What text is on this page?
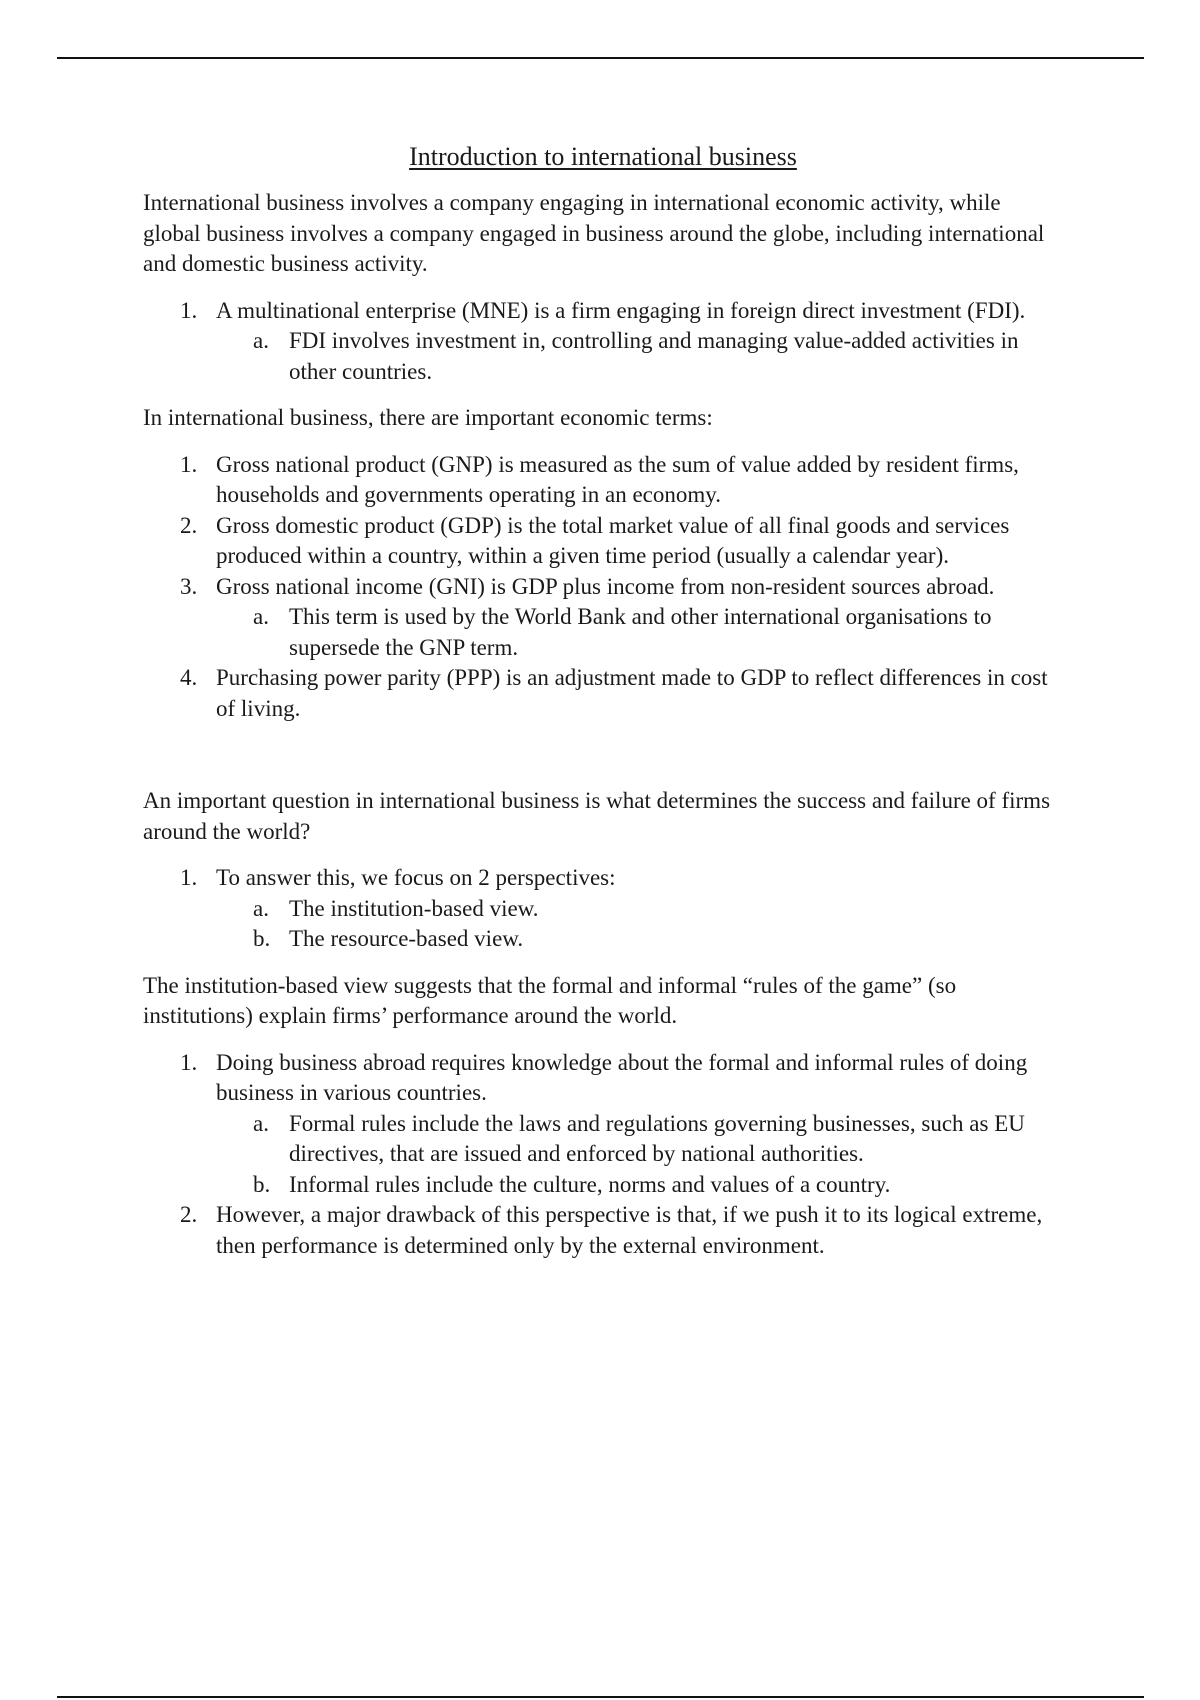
Introduction to international business

International business involves a company engaging in international economic activity, while global business involves a company engaged in business around the globe, including international and domestic business activity.

1. A multinational enterprise (MNE) is a firm engaging in foreign direct investment (FDI).
a. FDI involves investment in, controlling and managing value-added activities in other countries.

In international business, there are important economic terms:

1. Gross national product (GNP) is measured as the sum of value added by resident firms, households and governments operating in an economy.
2. Gross domestic product (GDP) is the total market value of all final goods and services produced within a country, within a given time period (usually a calendar year).
3. Gross national income (GNI) is GDP plus income from non-resident sources abroad.
a. This term is used by the World Bank and other international organisations to supersede the GNP term.
4. Purchasing power parity (PPP) is an adjustment made to GDP to reflect differences in cost of living.

An important question in international business is what determines the success and failure of firms around the world?

1. To answer this, we focus on 2 perspectives:
a. The institution-based view.
b. The resource-based view.

The institution-based view suggests that the formal and informal “rules of the game” (so institutions) explain firms’ performance around the world.

1. Doing business abroad requires knowledge about the formal and informal rules of doing business in various countries.
a. Formal rules include the laws and regulations governing businesses, such as EU directives, that are issued and enforced by national authorities.
b. Informal rules include the culture, norms and values of a country.
2. However, a major drawback of this perspective is that, if we push it to its logical extreme, then performance is determined only by the external environment.
